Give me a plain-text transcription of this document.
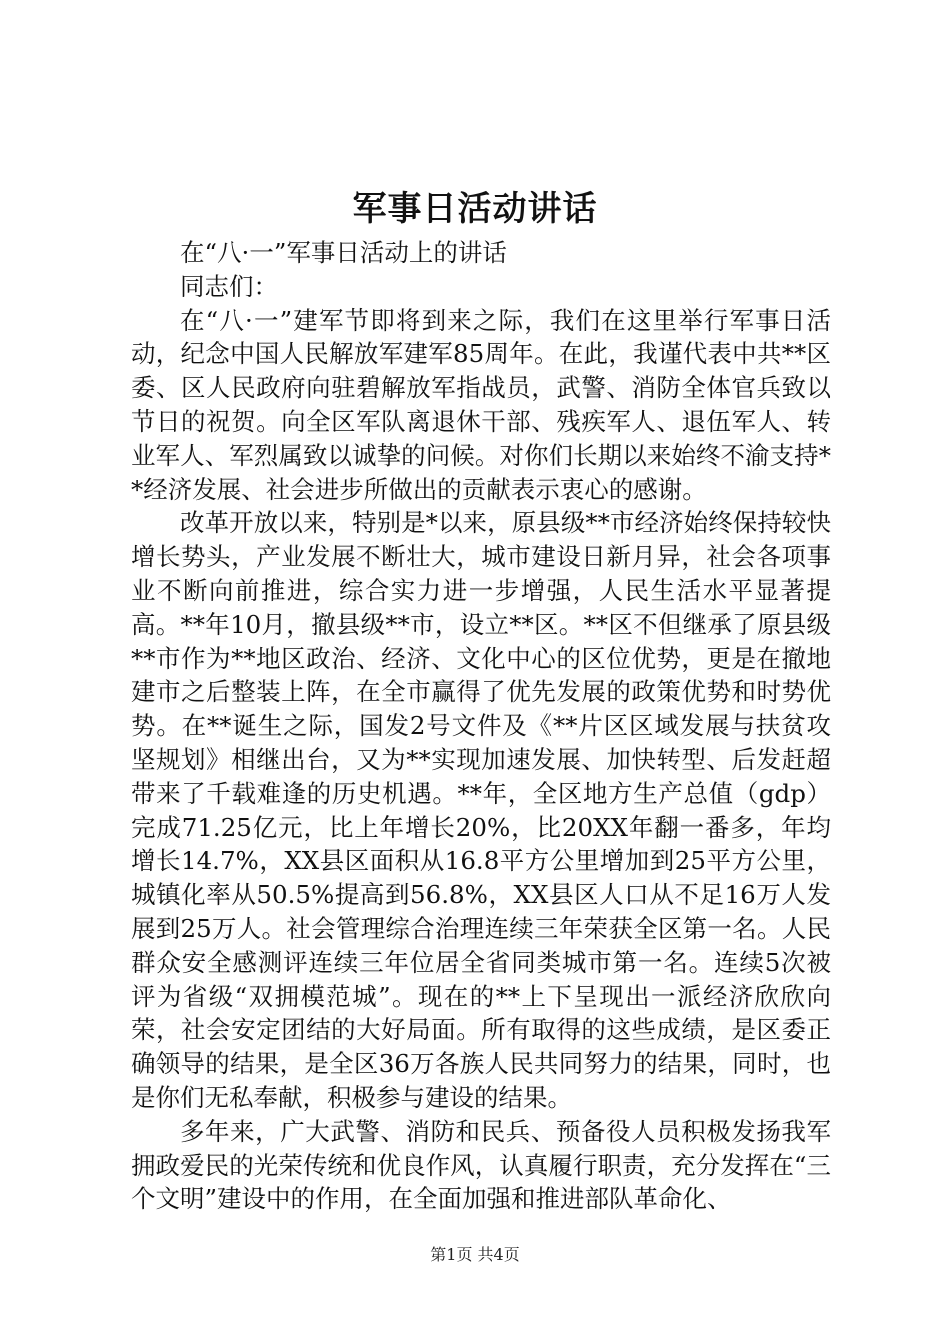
军事日活动讲话

在“八·一”军事日活动上的讲话

同志们：

在“八·一”建军节即将到来之际，我们在这里举行军事日活动，纪念中国人民解放军建军85周年。在此，我谨代表中共**区委、区人民政府向驻碧解放军指战员，武警、消防全体官兵致以节日的祝贺。向全区军队离退休干部、残疾军人、退伍军人、转业军人、军烈属致以诚挚的问候。对你们长期以来始终不渝支持**经济发展、社会进步所做出的贡献表示衷心的感谢。

改革开放以来，特别是*以来，原县级**市经济始终保持较快增长势头，产业发展不断壮大，城市建设日新月异，社会各项事业不断向前推进，综合实力进一步增强，人民生活水平显著提高。**年10月，撤县级**市，设立**区。**区不但继承了原县级**市作为**地区政治、经济、文化中心的区位优势，更是在撤地建市之后整装上阵，在全市赢得了优先发展的政策优势和时势优势。在**诞生之际，国发2号文件及《**片区区域发展与扶贫攻坚规划》相继出台，又为**实现加速发展、加快转型、后发赶超带来了千载难逢的历史机遇。**年，全区地方生产总值（gdp）完成71.25亿元，比上年增长20%，比20XX年翻一番多，年均增长14.7%，XX县区面积从16.8平方公里增加到25平方公里，城镇化率从50.5%提高到56.8%，XX县区人口从不足16万人发展到25万人。社会管理综合治理连续三年荣获全区第一名。人民群众安全感测评连续三年位居全省同类城市第一名。连续5次被评为省级“双拥模范城”。现在的**上下呈现出一派经济欣欣向荣，社会安定团结的大好局面。所有取得的这些成绩，是区委正确领导的结果，是全区36万各族人民共同努力的结果，同时，也是你们无私奉献，积极参与建设的结果。

多年来，广大武警、消防和民兵、预备役人员积极发扬我军拥政爱民的光荣传统和优良作风，认真履行职责，充分发挥在“三个文明”建设中的作用，在全面加强和推进部队革命化、

第1页 共4页
